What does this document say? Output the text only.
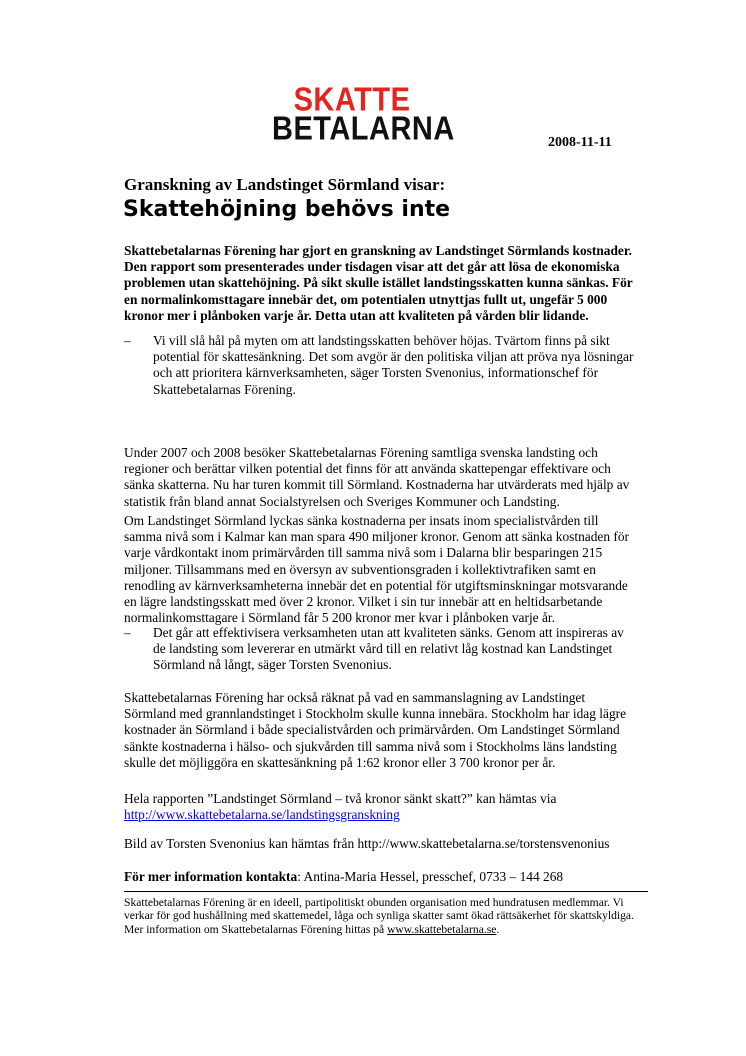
SKATTE
BETALARNA	2008-11-11
Granskning av Landstinget Sörmland visar:
Skattehöjning behövs inte
Skattebetalarnas Förening har gjort en granskning av Landstinget Sörmlands kostnader. Den rapport som presenterades under tisdagen visar att det går att lösa de ekonomiska problemen utan skattehöjning. På sikt skulle istället landstingsskatten kunna sänkas. För en normalinkomsttagare innebär det, om potentialen utnyttjas fullt ut, ungefär 5 000 kronor mer i plånboken varje år. Detta utan att kvaliteten på vården blir lidande.
–	Vi vill slå hål på myten om att landstingsskatten behöver höjas. Tvärtom finns på sikt potential för skattesänkning. Det som avgör är den politiska viljan att pröva nya lösningar och att prioritera kärnverksamheten, säger Torsten Svenonius, informationschef för Skattebetalarnas Förening.
Under 2007 och 2008 besöker Skattebetalarnas Förening samtliga svenska landsting och regioner och berättar vilken potential det finns för att använda skattepengar effektivare och sänka skatterna. Nu har turen kommit till Sörmland. Kostnaderna har utvärderats med hjälp av statistik från bland annat Socialstyrelsen och Sveriges Kommuner och Landsting.
Om Landstinget Sörmland lyckas sänka kostnaderna per insats inom specialistvården till samma nivå som i Kalmar kan man spara 490 miljoner kronor. Genom att sänka kostnaden för varje vårdkontakt inom primärvården till samma nivå som i Dalarna blir besparingen 215 miljoner. Tillsammans med en översyn av subventionsgraden i kollektivtrafiken samt en renodling av kärnverksamheterna innebär det en potential för utgiftsminskningar motsvarande en lägre landstingsskatt med över 2 kronor. Vilket i sin tur innebär att en heltidsarbetande normalinkomsttagare i Sörmland får 5 200 kronor mer kvar i plånboken varje år.
–	Det går att effektivisera verksamheten utan att kvaliteten sänks. Genom att inspireras av de landsting som levererar en utmärkt vård till en relativt låg kostnad kan Landstinget Sörmland nå långt, säger Torsten Svenonius.
Skattebetalarnas Förening har också räknat på vad en sammanslagning av Landstinget Sörmland med grannlandstinget i Stockholm skulle kunna innebära. Stockholm har idag lägre kostnader än Sörmland i både specialistvården och primärvården. Om Landstinget Sörmland sänkte kostnaderna i hälso- och sjukvården till samma nivå som i Stockholms läns landsting skulle det möjliggöra en skattesänkning på 1:62 kronor eller 3 700 kronor per år.
Hela rapporten ”Landstinget Sörmland – två kronor sänkt skatt?” kan hämtas via
http://www.skattebetalarna.se/landstingsgranskning
Bild av Torsten Svenonius kan hämtas från http://www.skattebetalarna.se/torstensvenonius
För mer information kontakta: Antina-Maria Hessel, presschef, 0733 – 144 268
Skattebetalarnas Förening är en ideell, partipolitiskt obunden organisation med hundratusen medlemmar. Vi verkar för god hushållning med skattemedel, låga och synliga skatter samt ökad rättsäkerhet för skattskyldiga. Mer information om Skattebetalarnas Förening hittas på www.skattebetalarna.se.
